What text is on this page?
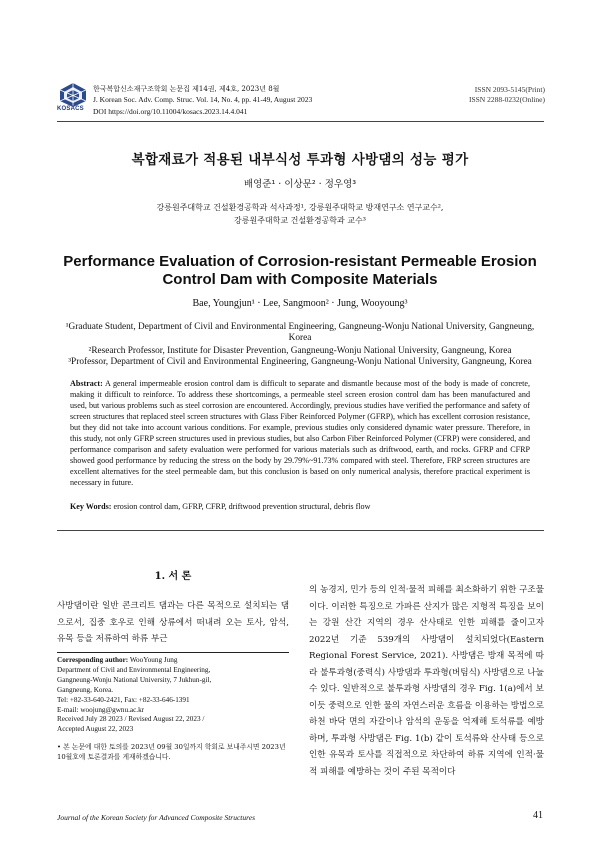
KOSACS
한국복합신소재구조학회 논문집 제14권, 제4호, 2023년 8월
J. Korean Soc. Adv. Comp. Struc. Vol. 14, No. 4, pp. 41-49, August 2023
DOI https://doi.org/10.11004/kosacs.2023.14.4.041
ISSN 2093-5145(Print)
ISSN 2288-0232(Online)
복합재료가 적용된 내부식성 투과형 사방댐의 성능 평가
배영준¹ · 이상문² · 정우영³
강릉원주대학교 건설환경공학과 석사과정¹, 강릉원주대학교 방재연구소 연구교수²,
강릉원주대학교 건설환경공학과 교수³
Performance Evaluation of Corrosion-resistant Permeable Erosion Control Dam with Composite Materials
Bae, Youngjun¹ · Lee, Sangmoon² · Jung, Wooyoung³
¹Graduate Student, Department of Civil and Environmental Engineering, Gangneung-Wonju National University, Gangneung, Korea
²Research Professor, Institute for Disaster Prevention, Gangneung-Wonju National University, Gangneung, Korea
³Professor, Department of Civil and Environmental Engineering, Gangneung-Wonju National University, Gangneung, Korea
Abstract: A general impermeable erosion control dam is difficult to separate and dismantle because most of the body is made of concrete, making it difficult to reinforce. To address these shortcomings, a permeable steel screen erosion control dam has been manufactured and used, but various problems such as steel corrosion are encountered. Accordingly, previous studies have verified the performance and safety of screen structures that replaced steel screen structures with Glass Fiber Reinforced Polymer (GFRP), which has excellent corrosion resistance, but they did not take into account various conditions. For example, previous studies only considered dynamic water pressure. Therefore, in this study, not only GFRP screen structures used in previous studies, but also Carbon Fiber Reinforced Polymer (CFRP) were considered, and performance comparison and safety evaluation were performed for various materials such as driftwood, earth, and rocks. GFRP and CFRP showed good performance by reducing the stress on the body by 29.79%~91.73% compared with steel. Therefore, FRP screen structures are excellent alternatives for the steel permeable dam, but this conclusion is based on only numerical analysis, therefore practical experiment is necessary in future.
Key Words: erosion control dam, GFRP, CFRP, driftwood prevention structural, debris flow
1. 서 론
사방댐이란 일반 콘크리트 댐과는 다른 목적으로 설치되는 댐으로서, 집중 호우로 인해 상류에서 떠내려 오는 토사, 암석, 유목 등을 저류하여 하류 부근
Corresponding author: WooYoung Jung
Department of Civil and Environmental Engineering,
Gangneung-Wonju National University, 7 Jukhun-gil,
Gangneung, Korea.
Tel: +82-33-640-2421, Fax: +82-33-646-1391
E-mail: woojung@gwnu.ac.kr
Received July 28 2023 / Revised August 22, 2023 /
Accepted August 22, 2023
• 본 논문에 대한 토의를 2023년 09월 30일까지 학회로 보내주시면 2023년 10월호에 토론결과를 게재하겠습니다.
의 농경지, 민가 등의 인적·물적 피해를 최소화하기 위한 구조물이다. 이러한 특징으로 가파른 산지가 많은 지형적 특징을 보이는 강원 산간 지역의 경우 산사태로 인한 피해를 줄이고자 2022년 기준 539개의 사방댐이 설치되었다(Eastern Regional Forest Service, 2021). 사방댐은 방재 목적에 따라 불투과형(중력식) 사방댐과 투과형(버팀식) 사방댐으로 나눌 수 있다. 일반적으로 불투과형 사방댐의 경우 Fig. 1(a)에서 보이듯 중력으로 인한 물의 자연스러운 흐름을 이용하는 방법으로 하천 바닥 면의 자갈이나 암석의 운동을 억제해 토석류를 예방하며, 투과형 사방댐은 Fig. 1(b) 같이 토석류와 산사태 등으로 인한 유목과 토사를 직접적으로 차단하여 하류 지역에 인적·물적 피해를 예방하는 것이 주된 목적이다
Journal of the Korean Society for Advanced Composite Structures	41
